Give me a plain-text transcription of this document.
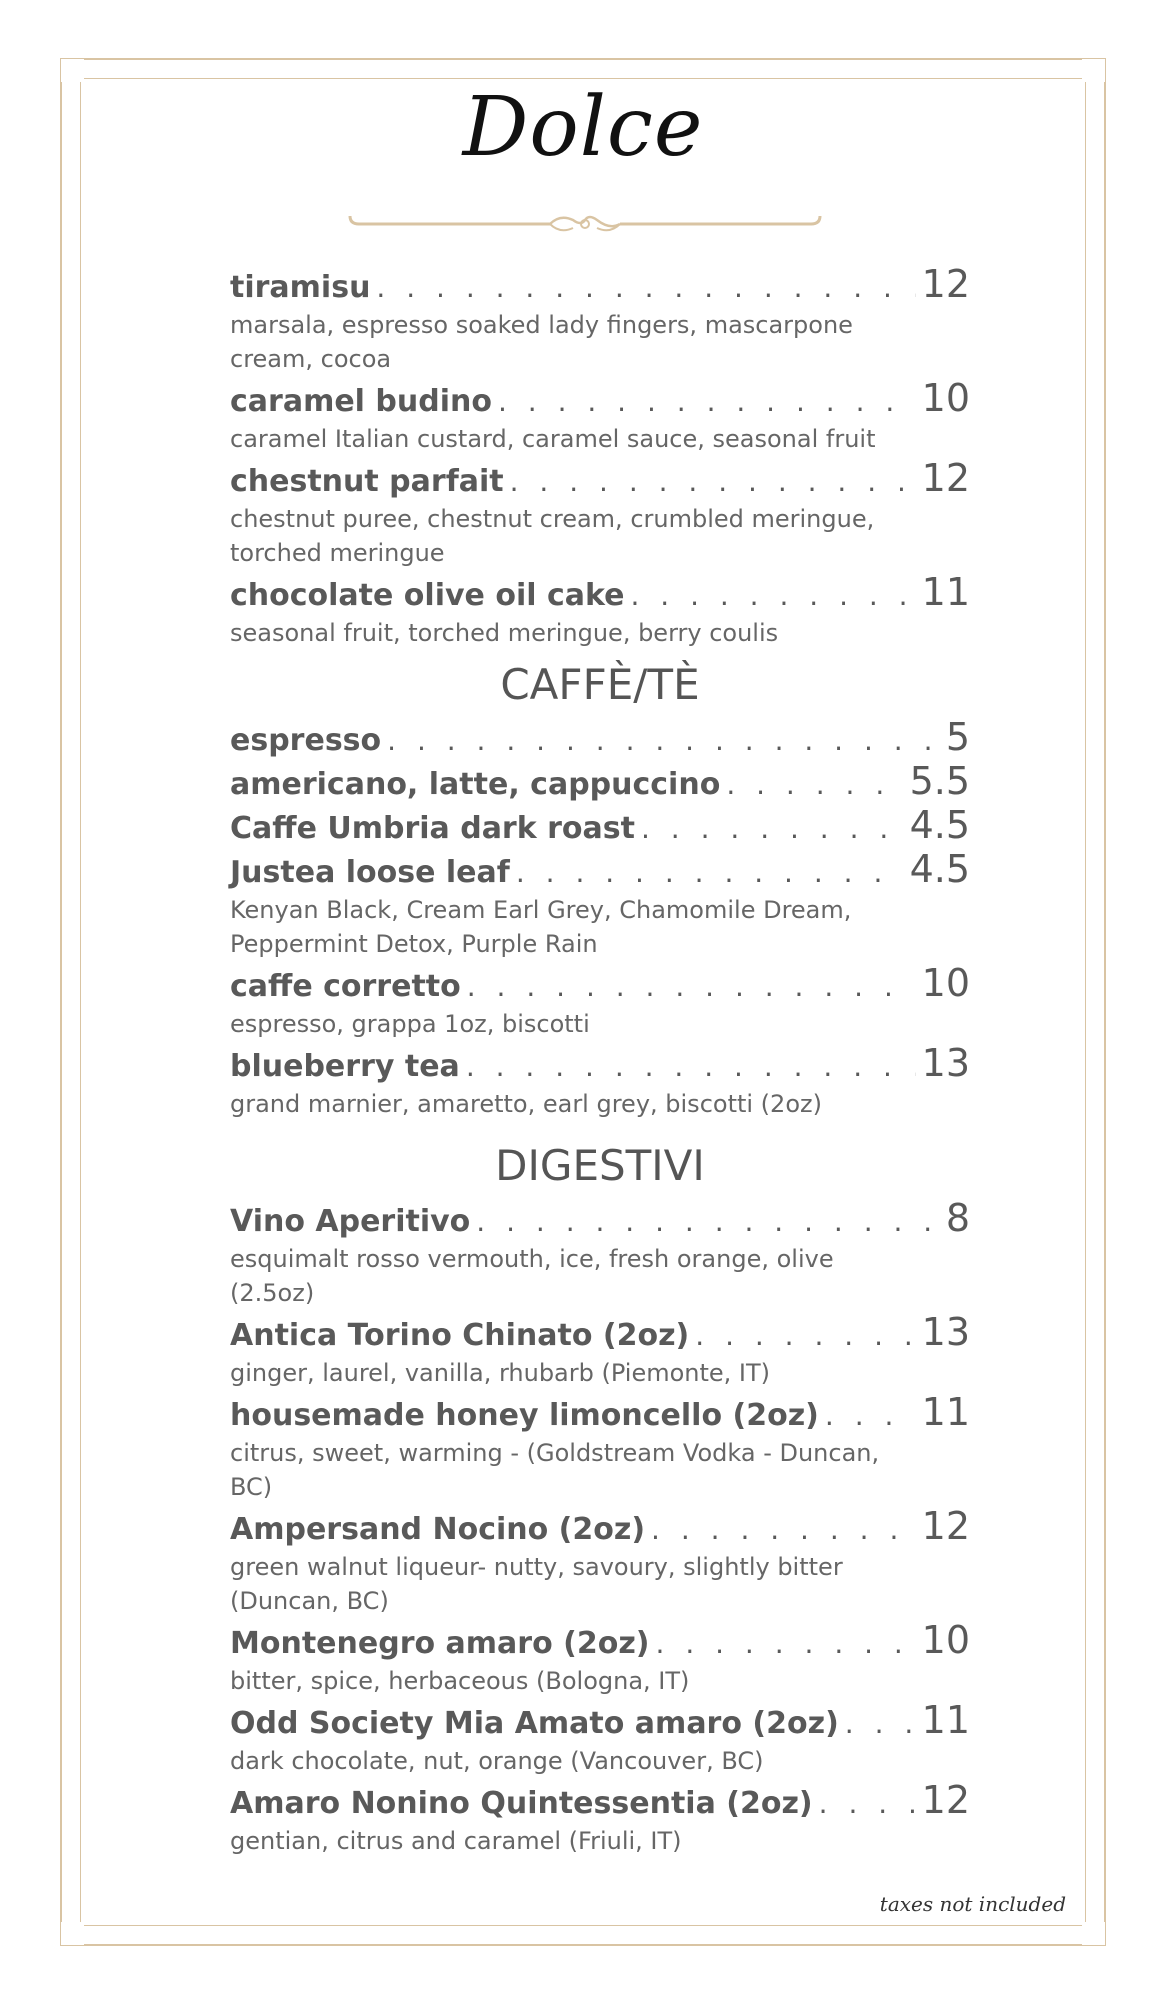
Dolce
tiramisu . . .	12
marsala, espresso soaked lady fingers, mascarpone cream, cocoa
caramel budino . . .	10
caramel Italian custard, caramel sauce, seasonal fruit
chestnut parfait . . .	12
chestnut puree, chestnut cream, crumbled meringue, torched meringue
chocolate olive oil cake . . .	11
seasonal fruit, torched meringue, berry coulis
CAFFÈ/TÈ
espresso . . .	5
americano, latte, cappuccino . . .	5.5
Caffe Umbria dark roast . . .	4.5
Justea loose leaf . . .	4.5
Kenyan Black, Cream Earl Grey, Chamomile Dream, Peppermint Detox, Purple Rain
caffe corretto . . .	10
espresso, grappa 1oz, biscotti
blueberry tea . . .	13
grand marnier, amaretto, earl grey, biscotti (2oz)
DIGESTIVI
Vino Aperitivo . . .	8
esquimalt rosso vermouth, ice, fresh orange, olive (2.5oz)
Antica Torino Chinato (2oz) . . .	13
ginger, laurel, vanilla, rhubarb (Piemonte, IT)
housemade honey limoncello (2oz) . . .	11
citrus, sweet, warming - (Goldstream Vodka - Duncan, BC)
Ampersand Nocino (2oz) . . .	12
green walnut liqueur- nutty, savoury, slightly bitter (Duncan, BC)
Montenegro amaro (2oz) . . .	10
bitter, spice, herbaceous (Bologna, IT)
Odd Society Mia Amato amaro (2oz) . . . 11
dark chocolate, nut, orange (Vancouver, BC)
Amaro Nonino Quintessentia (2oz) . . .	12
gentian, citrus and caramel (Friuli, IT)
taxes not included
